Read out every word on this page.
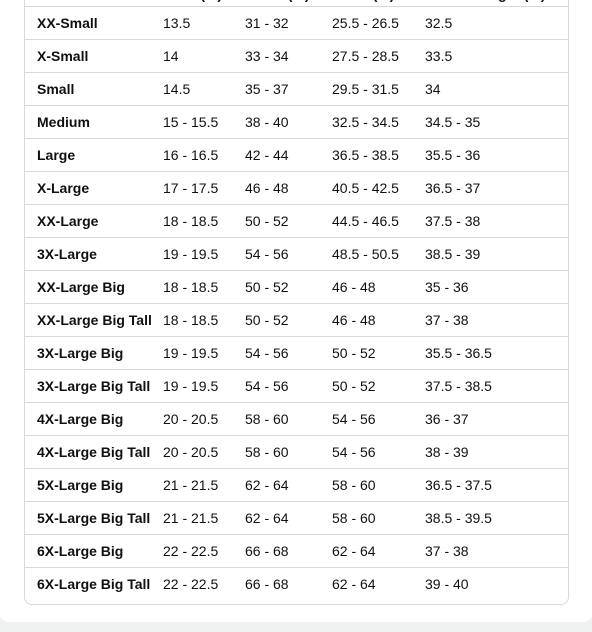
XX-Small	13.5	31 - 32	25.5 - 26.5	32.5
X-Small	14	33 - 34	27.5 - 28.5	33.5
Small	14.5	35 - 37	29.5 - 31.5	34
Medium	15 - 15.5	38 - 40	32.5 - 34.5	34.5 - 35
Large	16 - 16.5	42 - 44	36.5 - 38.5	35.5 - 36
X-Large	17 - 17.5	46 - 48	40.5 - 42.5	36.5 - 37
XX-Large	18 - 18.5	50 - 52	44.5 - 46.5	37.5 - 38
3X-Large	19 - 19.5	54 - 56	48.5 - 50.5	38.5 - 39
XX-Large Big	18 - 18.5	50 - 52	46 - 48	35 - 36
XX-Large Big Tall	18 - 18.5	50 - 52	46 - 48	37 - 38
3X-Large Big	19 - 19.5	54 - 56	50 - 52	35.5 - 36.5
3X-Large Big Tall	19 - 19.5	54 - 56	50 - 52	37.5 - 38.5
4X-Large Big	20 - 20.5	58 - 60	54 - 56	36 - 37
4X-Large Big Tall	20 - 20.5	58 - 60	54 - 56	38 - 39
5X-Large Big	21 - 21.5	62 - 64	58 - 60	36.5 - 37.5
5X-Large Big Tall	21 - 21.5	62 - 64	58 - 60	38.5 - 39.5
6X-Large Big	22 - 22.5	66 - 68	62 - 64	37 - 38
6X-Large Big Tall	22 - 22.5	66 - 68	62 - 64	39 - 40
